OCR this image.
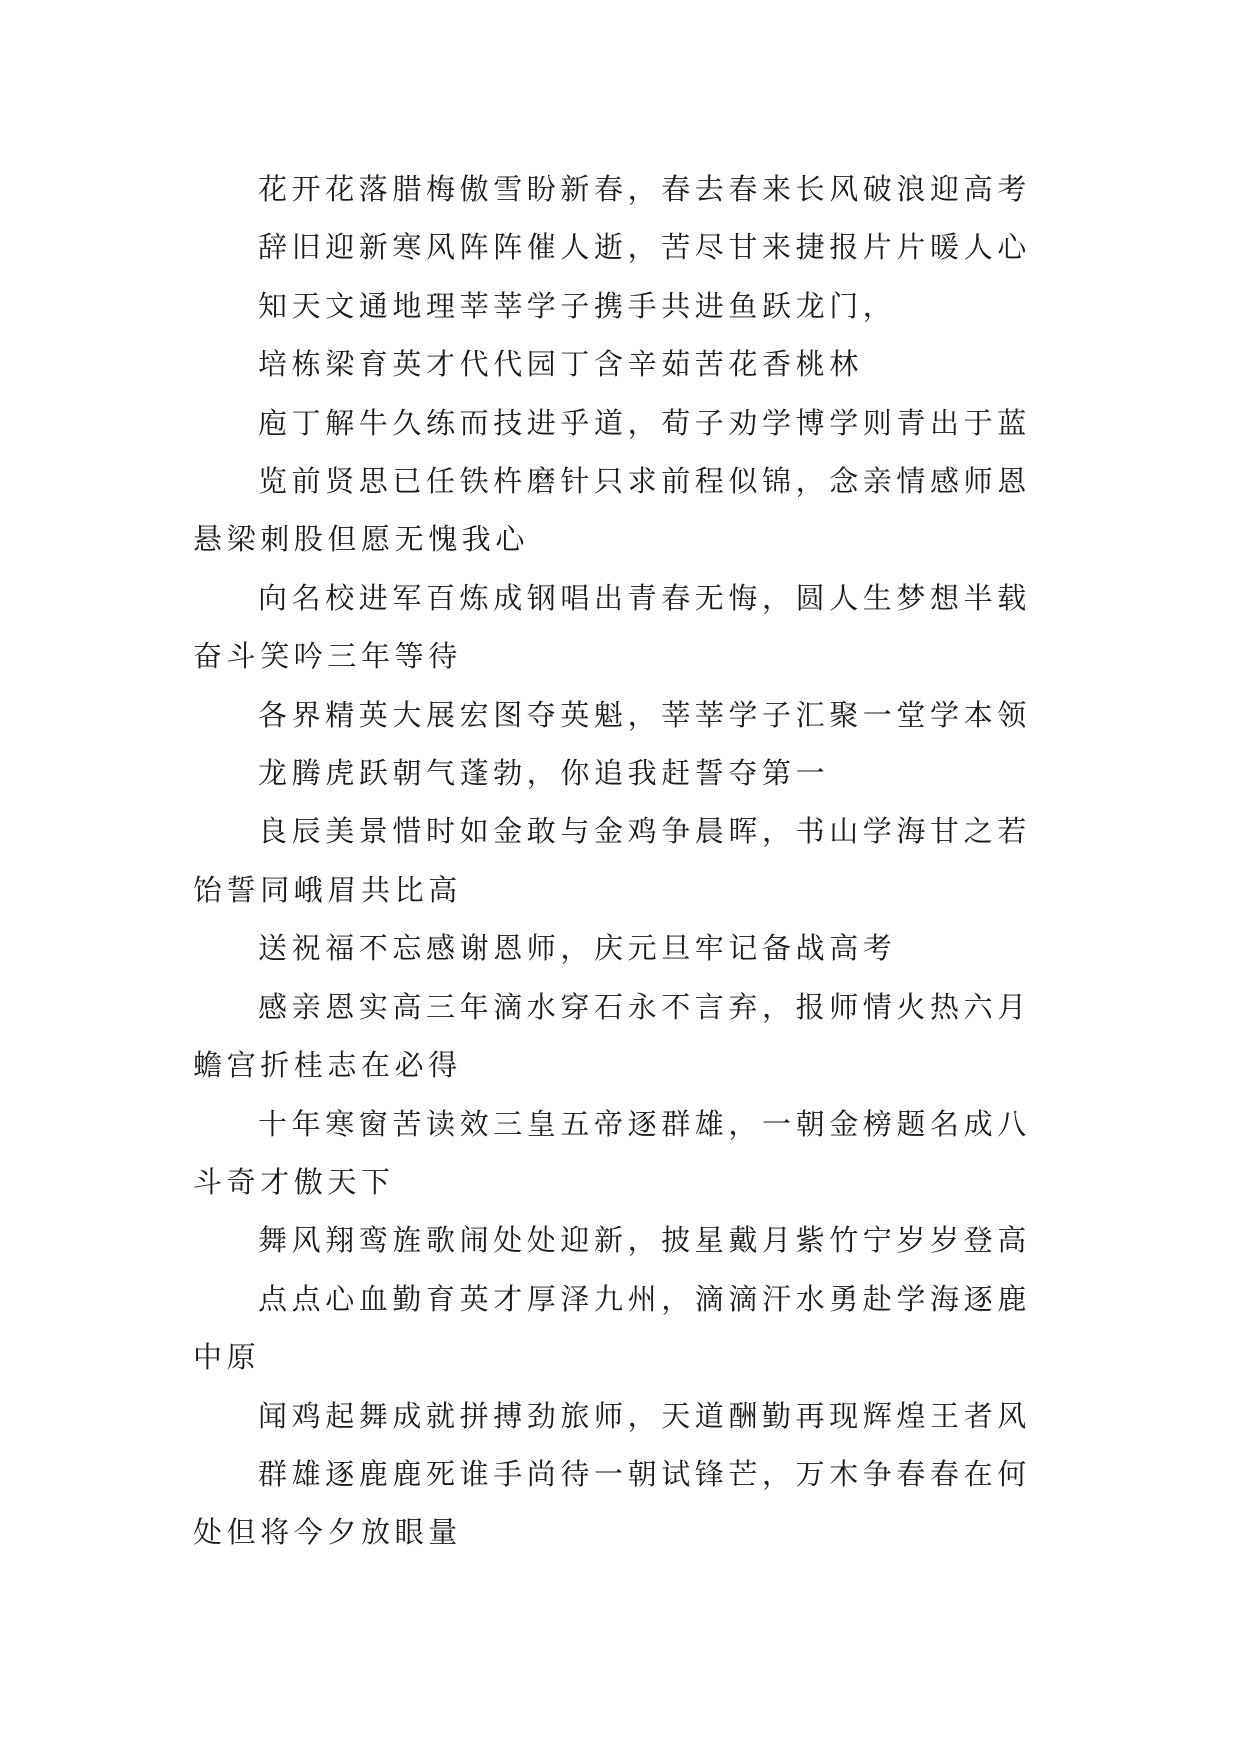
花开花落腊梅傲雪盼新春，春去春来长风破浪迎高考

辞旧迎新寒风阵阵催人逝，苦尽甘来捷报片片暖人心

知天文通地理莘莘学子携手共进鱼跃龙门，

培栋梁育英才代代园丁含辛茹苦花香桃林

庖丁解牛久练而技进乎道，荀子劝学博学则青出于蓝

览前贤思已任铁杵磨针只求前程似锦，念亲情感师恩悬梁刺股但愿无愧我心

向名校进军百炼成钢唱出青春无悔，圆人生梦想半载奋斗笑吟三年等待

各界精英大展宏图夺英魁，莘莘学子汇聚一堂学本领

龙腾虎跃朝气蓬勃，你追我赶誓夺第一

良辰美景惜时如金敢与金鸡争晨晖，书山学海甘之若饴誓同峨眉共比高

送祝福不忘感谢恩师，庆元旦牢记备战高考

感亲恩实高三年滴水穿石永不言弃，报师情火热六月蟾宫折桂志在必得

十年寒窗苦读效三皇五帝逐群雄，一朝金榜题名成八斗奇才傲天下

舞风翔鸾旌歌闹处处迎新，披星戴月紫竹宁岁岁登高

点点心血勤育英才厚泽九州，滴滴汗水勇赴学海逐鹿中原

闻鸡起舞成就拼搏劲旅师，天道酬勤再现辉煌王者风

群雄逐鹿鹿死谁手尚待一朝试锋芒，万木争春春在何处但将今夕放眼量
